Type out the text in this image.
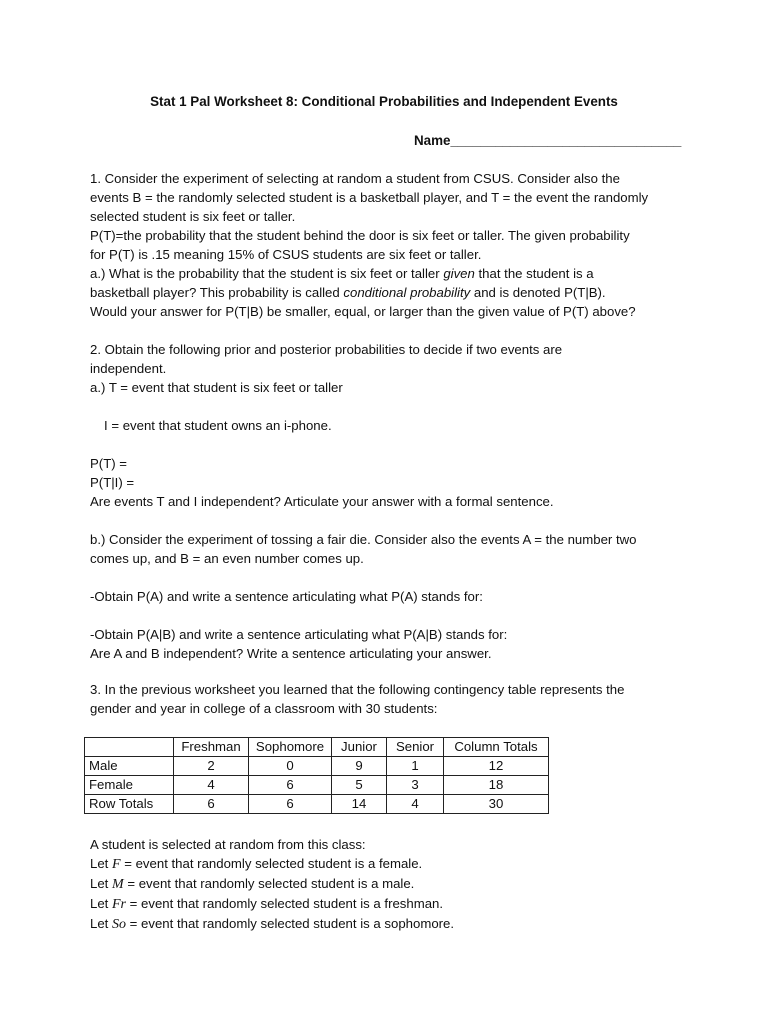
Stat 1 Pal Worksheet 8: Conditional Probabilities and Independent Events
Name_______________________________

1. Consider the experiment of selecting at random a student from CSUS. Consider also the

events B = the randomly selected student is a basketball player, and T = the event the randomly

selected student is six feet or taller.

P(T)=the probability that the student behind the door is six feet or taller. The given probability

for P(T) is .15 meaning 15% of CSUS students are six feet or taller.

a.) What is the probability that the student is six feet or taller given that the student is a

basketball player? This probability is called conditional probability and is denoted P(T|B).

Would your answer for P(T|B) be smaller, equal, or larger than the given value of P(T) above?

2. Obtain the following prior and posterior probabilities to decide if two events are

independent.

a.) T = event that student is six feet or taller

I = event that student owns an i-phone.

P(T) =

P(T|I) =

Are events T and I independent? Articulate your answer with a formal sentence.

b.) Consider the experiment of tossing a fair die. Consider also the events A = the number two

comes up, and B = an even number comes up.

-Obtain P(A) and write a sentence articulating what P(A) stands for:

-Obtain P(A|B) and write a sentence articulating what P(A|B) stands for:

Are A and B independent? Write a sentence articulating your answer.

3. In the previous worksheet you learned that the following contingency table represents the

gender and year in college of a classroom with 30 students:

	Freshman	Sophomore	Junior	Senior	Column Totals
Male	2	0	9	1	12
Female	4	6	5	3	18
Row Totals	6	6	14	4	30

A student is selected at random from this class:

Let F = event that randomly selected student is a female.

Let M = event that randomly selected student is a male.

Let Fr = event that randomly selected student is a freshman.

Let So = event that randomly selected student is a sophomore.
